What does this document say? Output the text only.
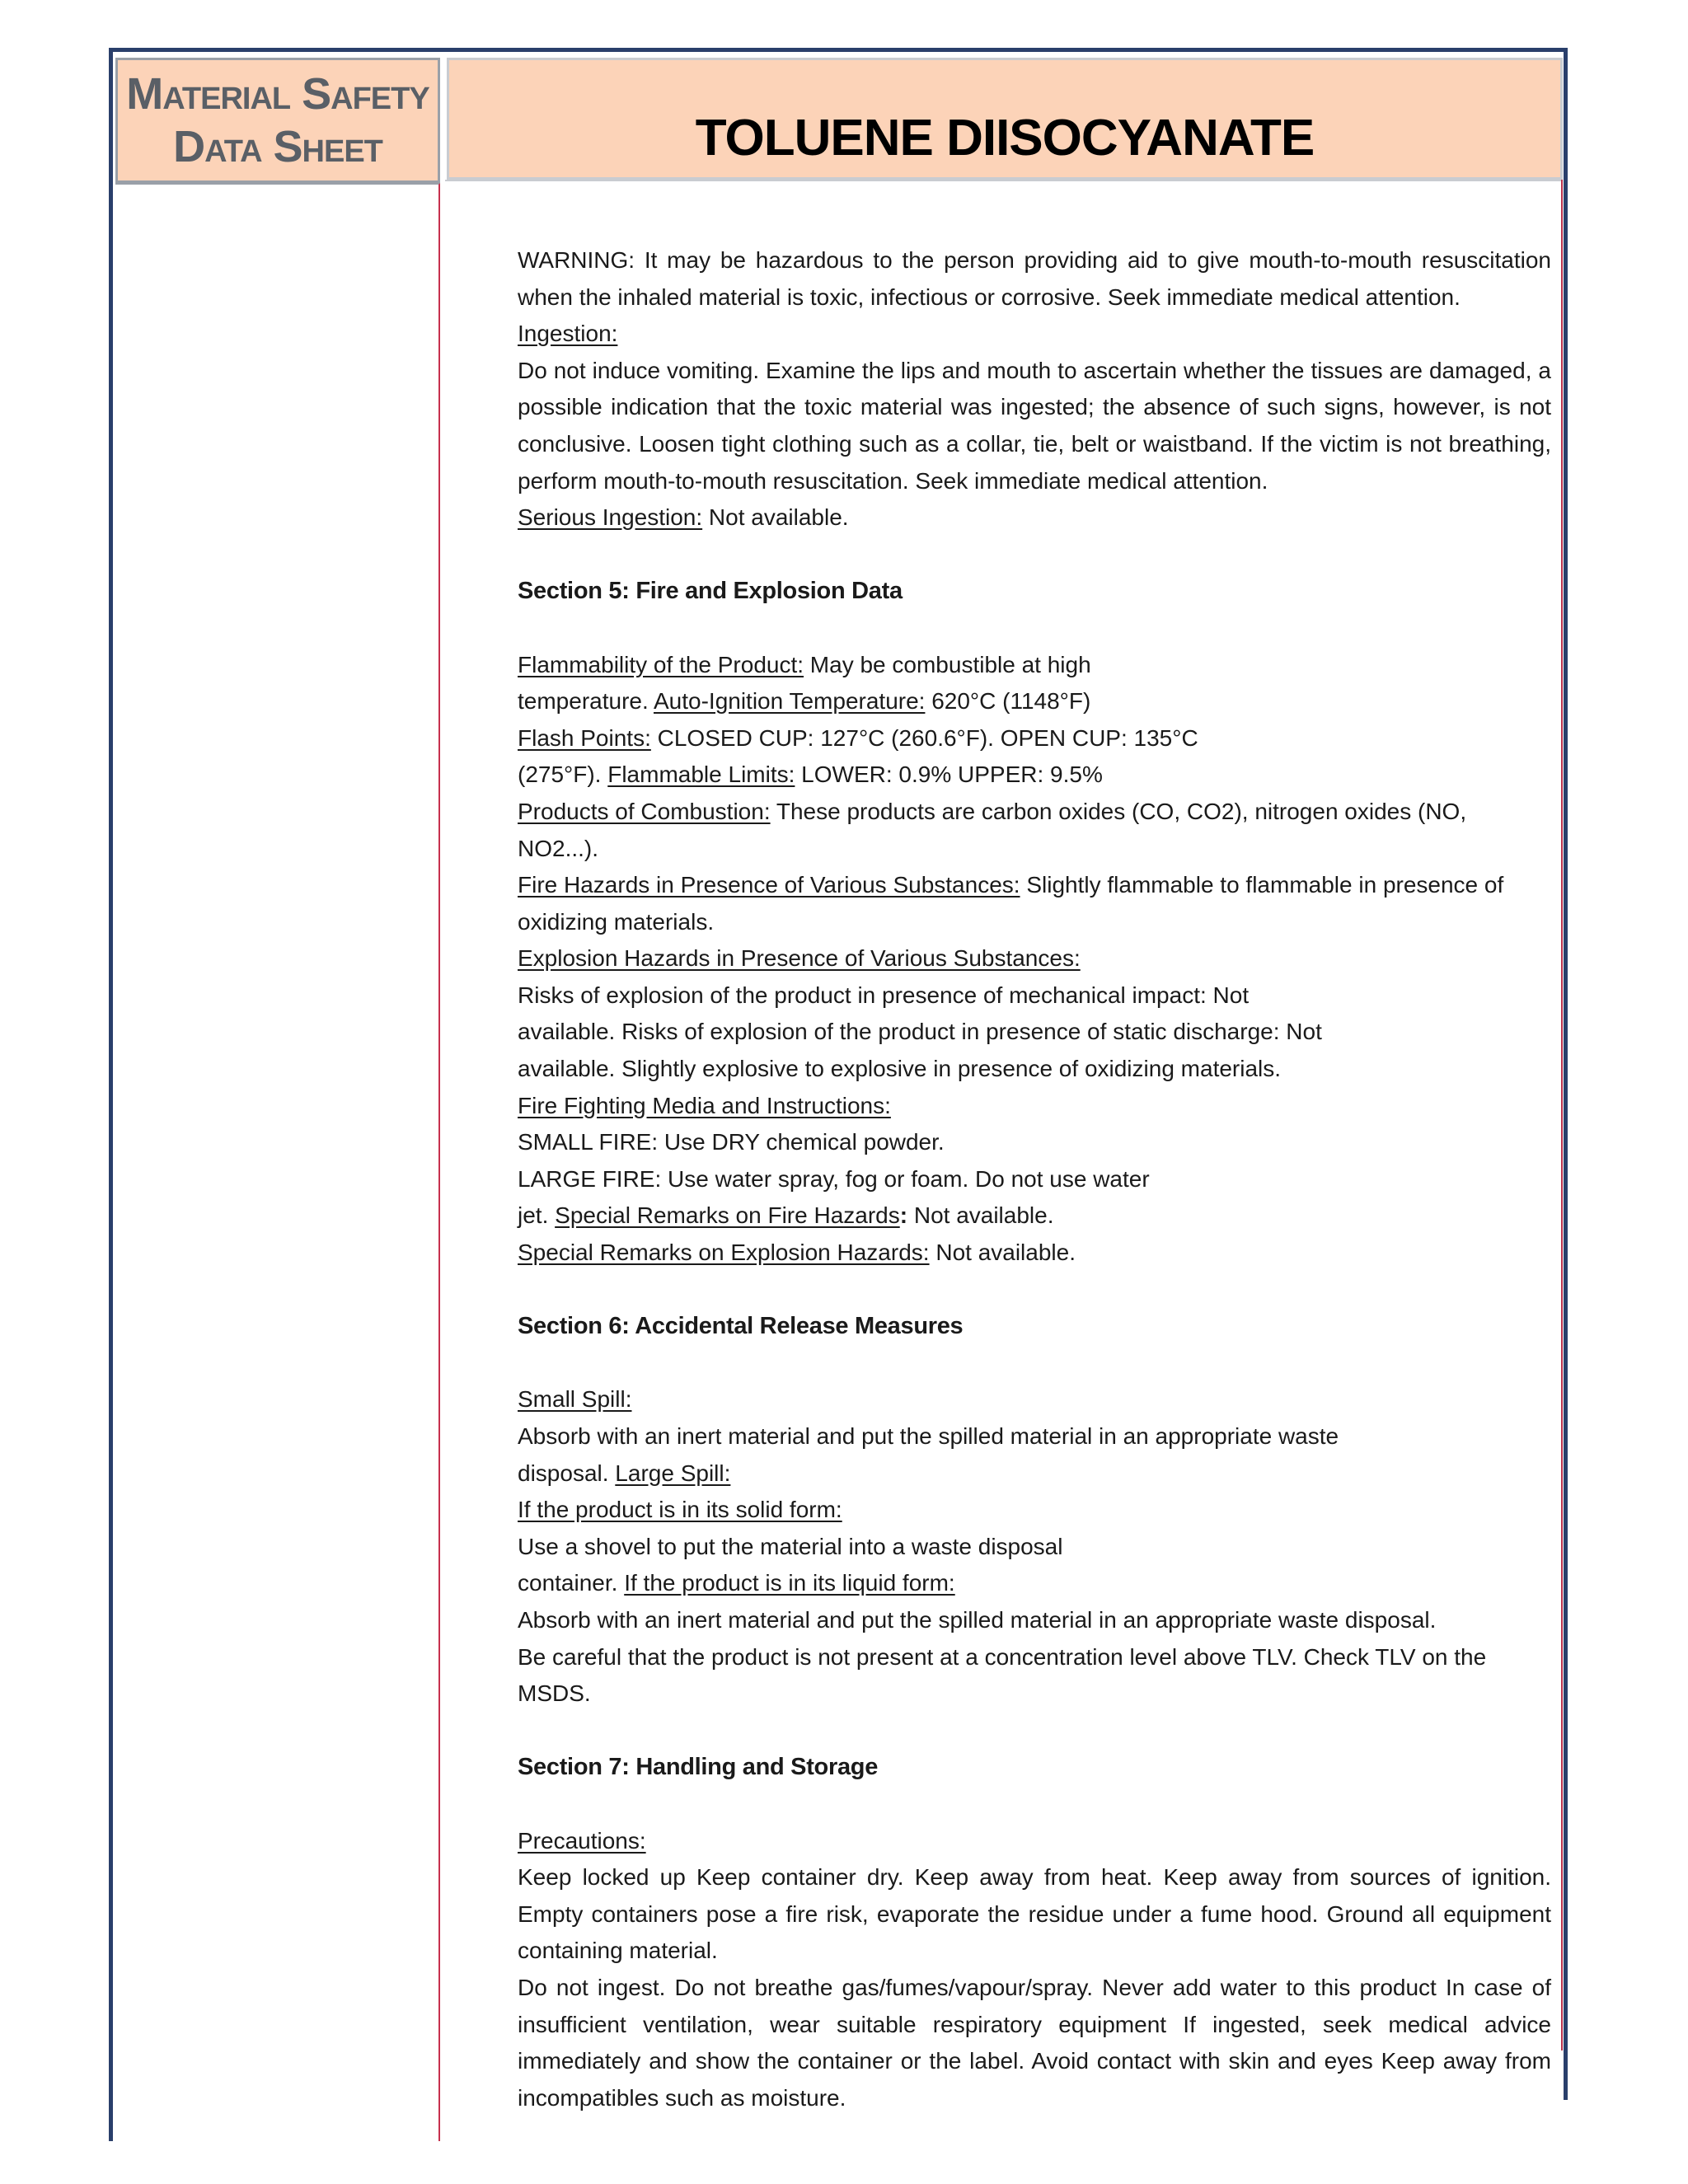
Material Safety
Data Sheet	TOLUENE DIISOCYANATE

WARNING: It may be hazardous to the person providing aid to give mouth-to-mouth resuscitation when the inhaled material is toxic, infectious or corrosive. Seek immediate medical attention.

Ingestion:

Do not induce vomiting. Examine the lips and mouth to ascertain whether the tissues are damaged, a possible indication that the toxic material was ingested; the absence of such signs, however, is not conclusive. Loosen tight clothing such as a collar, tie, belt or waistband. If the victim is not breathing, perform mouth-to-mouth resuscitation. Seek immediate medical attention.

Serious Ingestion: Not available.

Section 5: Fire and Explosion Data

Flammability of the Product: May be combustible at high

temperature. Auto-Ignition Temperature: 620°C (1148°F)

Flash Points: CLOSED CUP: 127°C (260.6°F). OPEN CUP: 135°C

(275°F). Flammable Limits: LOWER: 0.9% UPPER: 9.5%

Products of Combustion: These products are carbon oxides (CO, CO2), nitrogen oxides (NO, NO2...).

Fire Hazards in Presence of Various Substances: Slightly flammable to flammable in presence of

oxidizing materials.

Explosion Hazards in Presence of Various Substances:

Risks of explosion of the product in presence of mechanical impact: Not

available. Risks of explosion of the product in presence of static discharge: Not

available. Slightly explosive to explosive in presence of oxidizing materials.

Fire Fighting Media and Instructions:

SMALL FIRE: Use DRY chemical powder.

LARGE FIRE: Use water spray, fog or foam. Do not use water

jet. Special Remarks on Fire Hazards: Not available.

Special Remarks on Explosion Hazards: Not available.

Section 6: Accidental Release Measures

Small Spill:

Absorb with an inert material and put the spilled material in an appropriate waste

disposal. Large Spill:

If the product is in its solid form:

Use a shovel to put the material into a waste disposal

container. If the product is in its liquid form:

Absorb with an inert material and put the spilled material in an appropriate waste disposal.

Be careful that the product is not present at a concentration level above TLV. Check TLV on the MSDS.

Section 7: Handling and Storage

Precautions:

Keep locked up Keep container dry. Keep away from heat. Keep away from sources of ignition. Empty containers pose a fire risk, evaporate the residue under a fume hood. Ground all equipment containing material.

Do not ingest. Do not breathe gas/fumes/vapour/spray. Never add water to this product In case of insufficient ventilation, wear suitable respiratory equipment If ingested, seek medical advice immediately and show the container or the label. Avoid contact with skin and eyes Keep away from incompatibles such as moisture.
